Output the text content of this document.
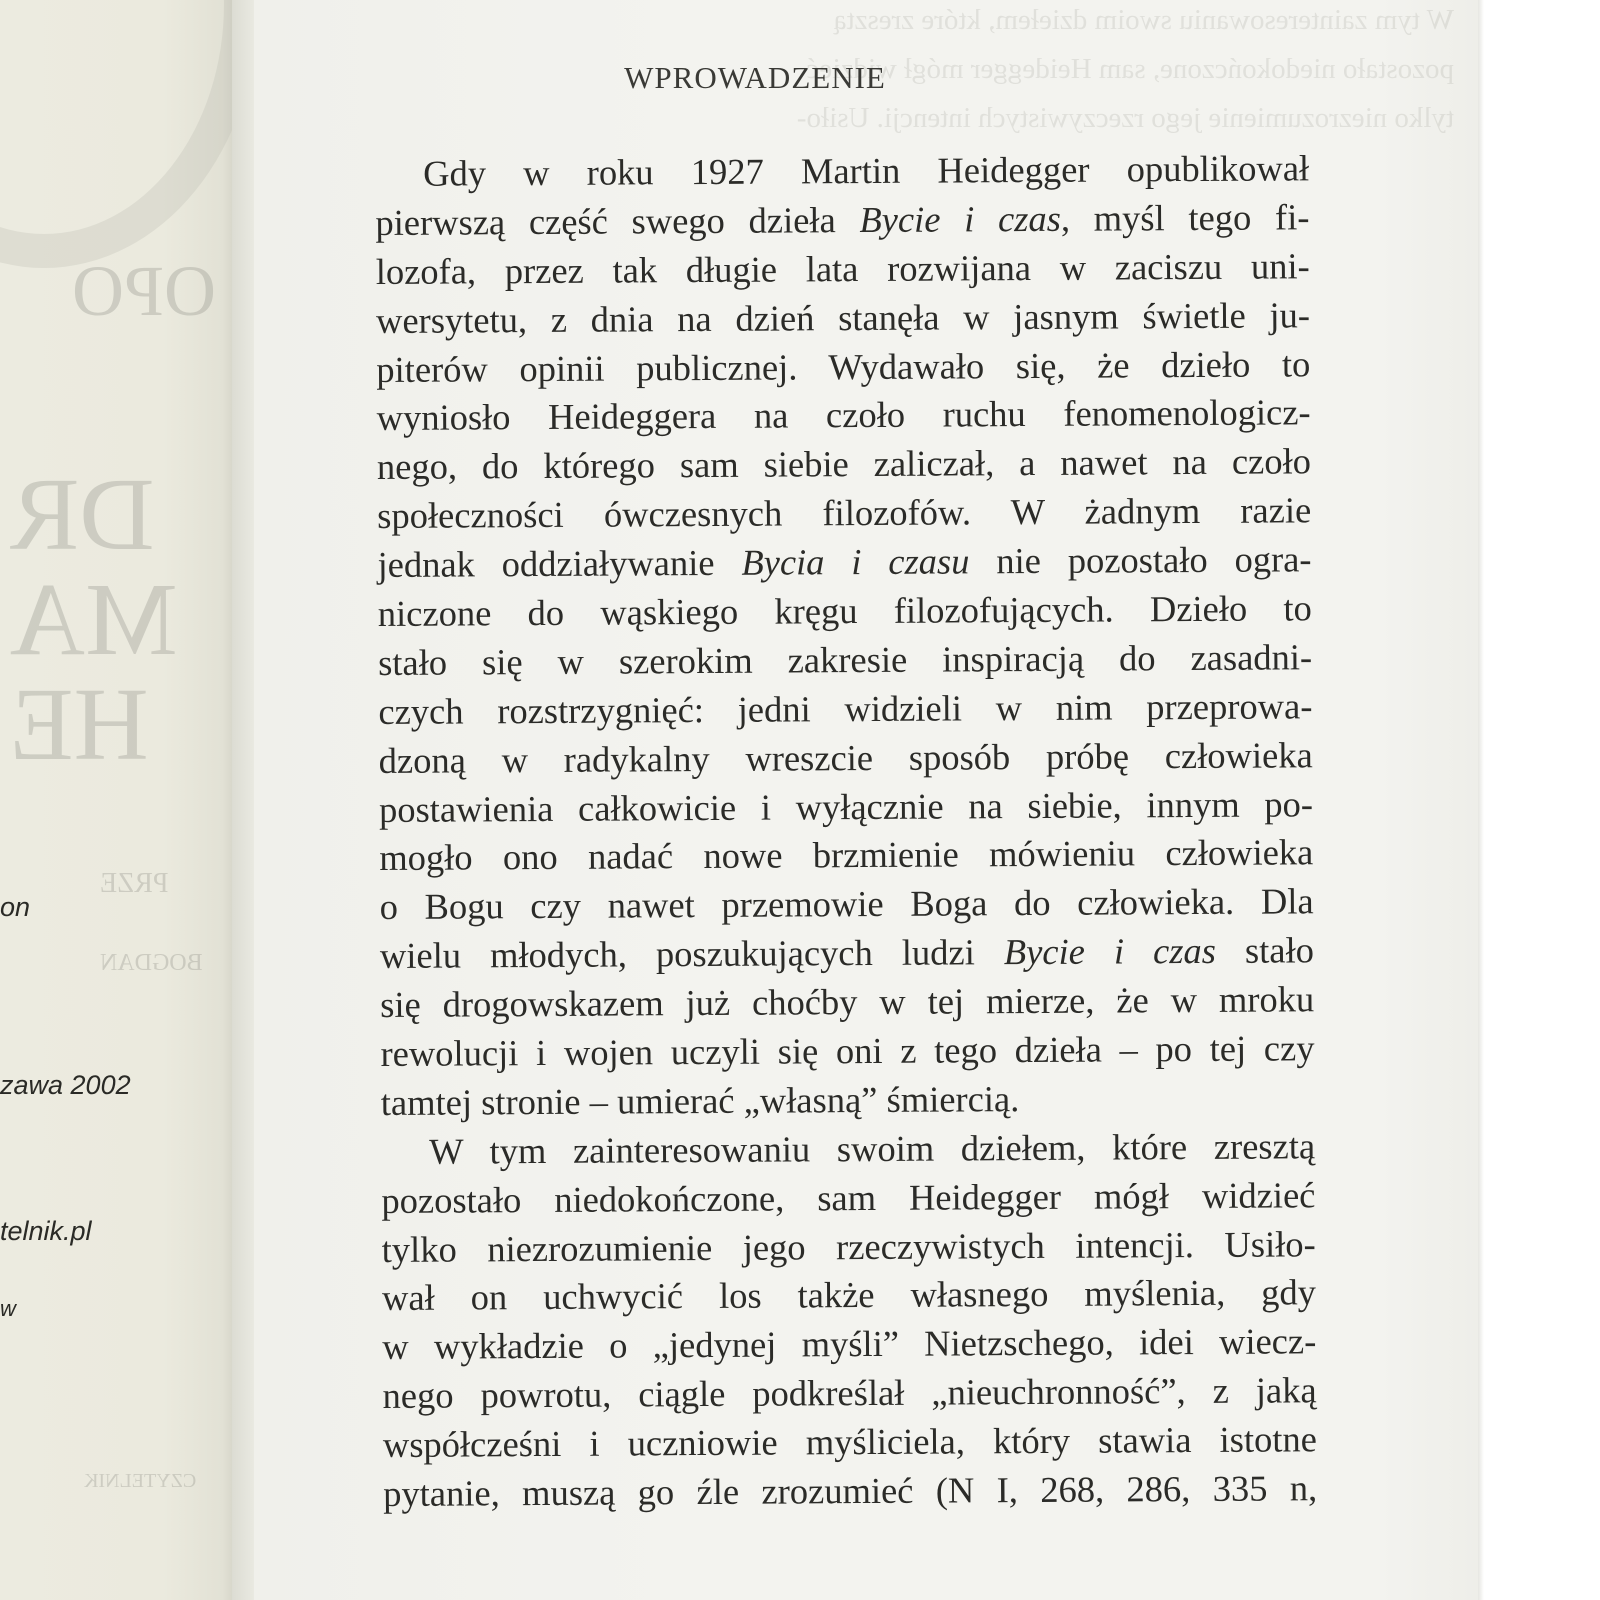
OPO
DR
MA
HE
PRZE
BOGDAN
CZYTELNIK
on
zawa 2002
telnik.pl
w
W tym zainteresowaniu swoim dziełem, które zresztą
pozostało niedokończone, sam Heidegger mógł widzieć
tylko niezrozumienie jego rzeczywistych intencji. Usiło-
WPROWADZENIE
Gdy w roku 1927 Martin Heidegger opublikował
pierwszą część swego dzieła Bycie i czas, myśl tego fi-
lozofa, przez tak długie lata rozwijana w zaciszu uni-
wersytetu, z dnia na dzień stanęła w jasnym świetle ju-
piterów opinii publicznej. Wydawało się, że dzieło to
wyniosło Heideggera na czoło ruchu fenomenologicz-
nego, do którego sam siebie zaliczał, a nawet na czoło
społeczności ówczesnych filozofów. W żadnym razie
jednak oddziaływanie Bycia i czasu nie pozostało ogra-
niczone do wąskiego kręgu filozofujących. Dzieło to
stało się w szerokim zakresie inspiracją do zasadni-
czych rozstrzygnięć: jedni widzieli w nim przeprowa-
dzoną w radykalny wreszcie sposób próbę człowieka
postawienia całkowicie i wyłącznie na siebie, innym po-
mogło ono nadać nowe brzmienie mówieniu człowieka
o Bogu czy nawet przemowie Boga do człowieka. Dla
wielu młodych, poszukujących ludzi Bycie i czas stało
się drogowskazem już choćby w tej mierze, że w mroku
rewolucji i wojen uczyli się oni z tego dzieła – po tej czy
tamtej stronie – umierać „własną” śmiercią.
W tym zainteresowaniu swoim dziełem, które zresztą
pozostało niedokończone, sam Heidegger mógł widzieć
tylko niezrozumienie jego rzeczywistych intencji. Usiło-
wał on uchwycić los także własnego myślenia, gdy
w wykładzie o „jedynej myśli” Nietzschego, idei wiecz-
nego powrotu, ciągle podkreślał „nieuchronność”, z jaką
współcześni i uczniowie myśliciela, który stawia istotne
pytanie, muszą go źle zrozumieć (N I, 268, 286, 335 n,
